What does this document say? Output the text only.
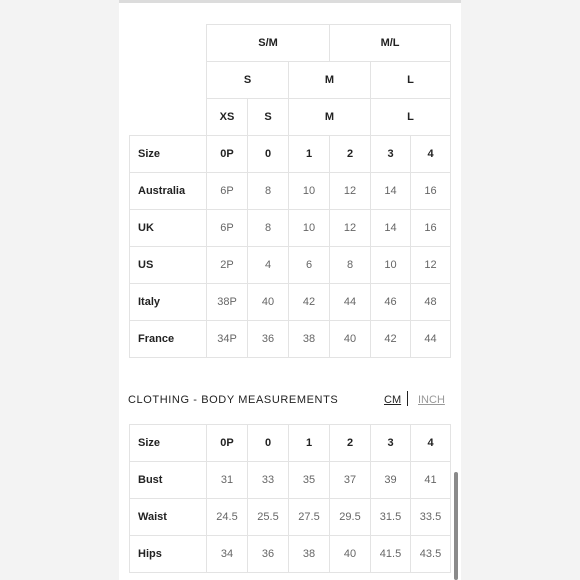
	S/M			M/L		
	S		M		L	
	XS	S	M		L	
Size	0P	0	1	2	3	4
Australia	6P	8	10	12	14	16
UK	6P	8	10	12	14	16
US	2P	4	6	8	10	12
Italy	38P	40	42	44	46	48
France	34P	36	38	40	42	44
CLOTHING - BODY MEASUREMENTS	CM INCH
Size	0P	0	1	2	3	4
Bust	31	33	35	37	39	41
Waist	24.5	25.5	27.5	29.5	31.5	33.5
Hips	34	36	38	40	41.5	43.5
